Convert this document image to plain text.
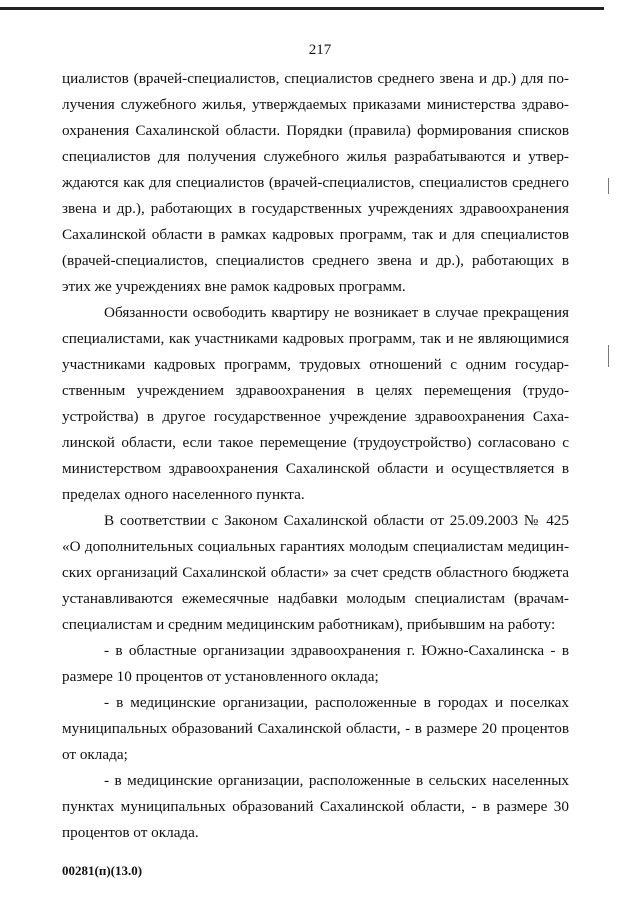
217
циалистов (врачей-специалистов, специалистов среднего звена и др.) для по-
лучения служебного жилья, утверждаемых приказами министерства здраво-
охранения Сахалинской области. Порядки (правила) формирования списков
специалистов для получения служебного жилья разрабатываются и утвер-
ждаются как для специалистов (врачей-специалистов, специалистов среднего
звена и др.), работающих в государственных учреждениях здравоохранения
Сахалинской области в рамках кадровых программ, так и для специалистов
(врачей-специалистов, специалистов среднего звена и др.), работающих в
этих же учреждениях вне рамок кадровых программ.
Обязанности освободить квартиру не возникает в случае прекращения
специалистами, как участниками кадровых программ, так и не являющимися
участниками кадровых программ, трудовых отношений с одним государ-
ственным учреждением здравоохранения в целях перемещения (трудо-
устройства) в другое государственное учреждение здравоохранения Саха-
линской области, если такое перемещение (трудоустройство) согласовано с
министерством здравоохранения Сахалинской области и осуществляется в
пределах одного населенного пункта.
В соответствии с Законом Сахалинской области от 25.09.2003 № 425
«О дополнительных социальных гарантиях молодым специалистам медицин-
ских организаций Сахалинской области» за счет средств областного бюджета
устанавливаются ежемесячные надбавки молодым специалистам (врачам-
специалистам и средним медицинским работникам), прибывшим на работу:
- в областные организации здравоохранения г. Южно-Сахалинска - в
размере 10 процентов от установленного оклада;
- в медицинские организации, расположенные в городах и поселках
муниципальных образований Сахалинской области, - в размере 20 процентов
от оклада;
- в медицинские организации, расположенные в сельских населенных
пунктах муниципальных образований Сахалинской области, - в размере 30
процентов от оклада.
00281(п)(13.0)
